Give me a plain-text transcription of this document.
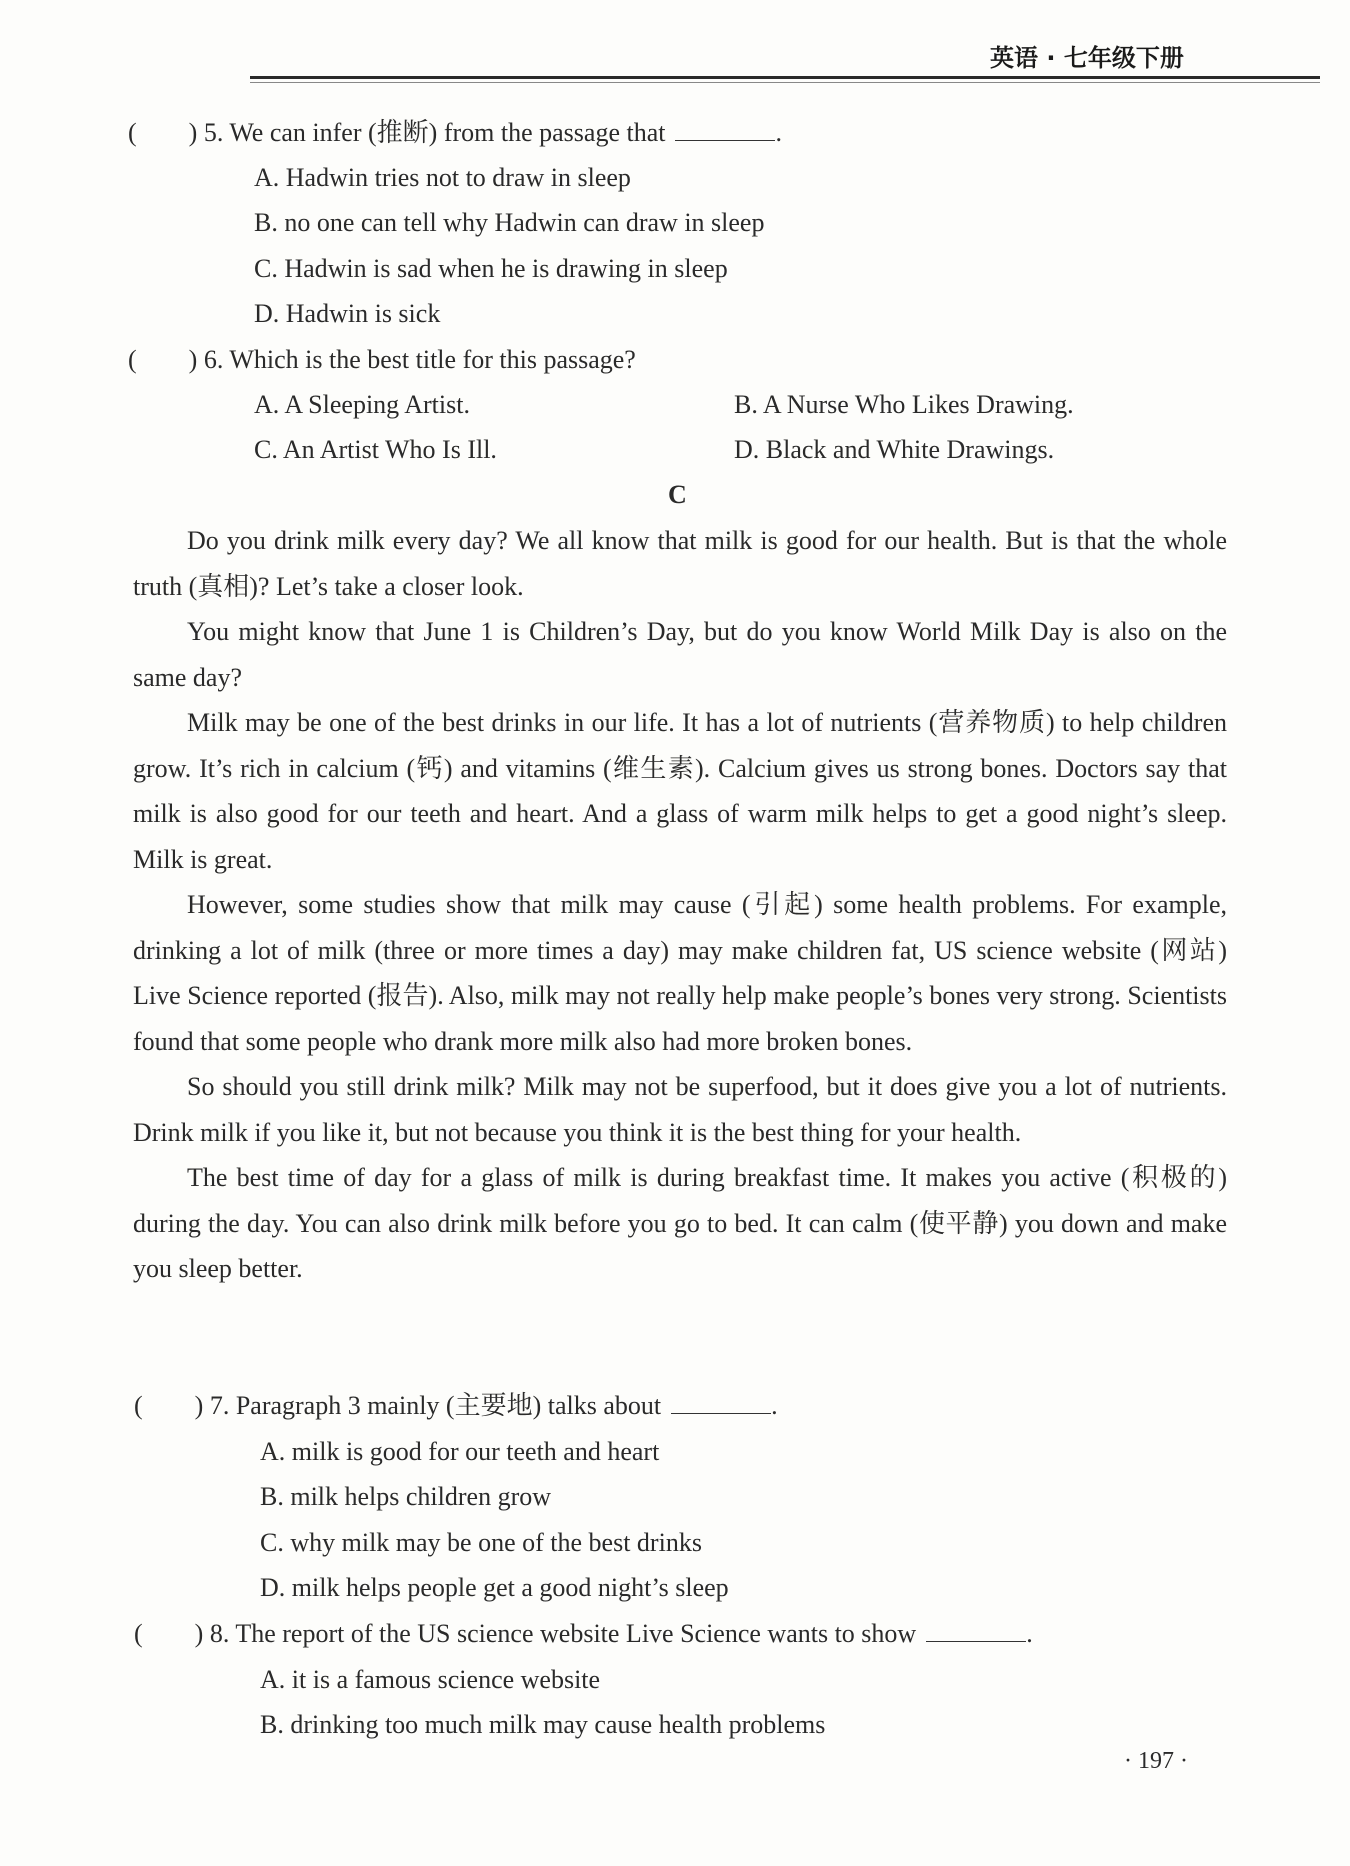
英语 · 七年级下册
(　　) 5. We can infer (推断) from the passage that	.
A. Hadwin tries not to draw in sleep
B. no one can tell why Hadwin can draw in sleep
C. Hadwin is sad when he is drawing in sleep
D. Hadwin is sick
(　　) 6. Which is the best title for this passage?
A. A Sleeping Artist.	B. A Nurse Who Likes Drawing.
C. An Artist Who Is Ill.	D. Black and White Drawings.
C

Do you drink milk every day? We all know that milk is good for our health. But is that the whole truth (真相)? Let’s take a closer look.

You might know that June 1 is Children’s Day, but do you know World Milk Day is also on the same day?

Milk may be one of the best drinks in our life. It has a lot of nutrients (营养物质) to help children grow. It’s rich in calcium (钙) and vitamins (维生素). Calcium gives us strong bones. Doctors say that milk is also good for our teeth and heart. And a glass of warm milk helps to get a good night’s sleep. Milk is great.

However, some studies show that milk may cause (引起) some health problems. For example, drinking a lot of milk (three or more times a day) may make children fat, US science website (网站) Live Science reported (报告). Also, milk may not really help make people’s bones very strong. Scientists found that some people who drank more milk also had more broken bones.

So should you still drink milk? Milk may not be superfood, but it does give you a lot of nutrients. Drink milk if you like it, but not because you think it is the best thing for your health.

The best time of day for a glass of milk is during breakfast time. It makes you active (积极的) during the day. You can also drink milk before you go to bed. It can calm (使平静) you down and make you sleep better.

(　　) 7. Paragraph 3 mainly (主要地) talks about	.
A. milk is good for our teeth and heart
B. milk helps children grow
C. why milk may be one of the best drinks
D. milk helps people get a good night’s sleep
(　　) 8. The report of the US science website Live Science wants to show	.
A. it is a famous science website
B. drinking too much milk may cause health problems
· 197 ·
